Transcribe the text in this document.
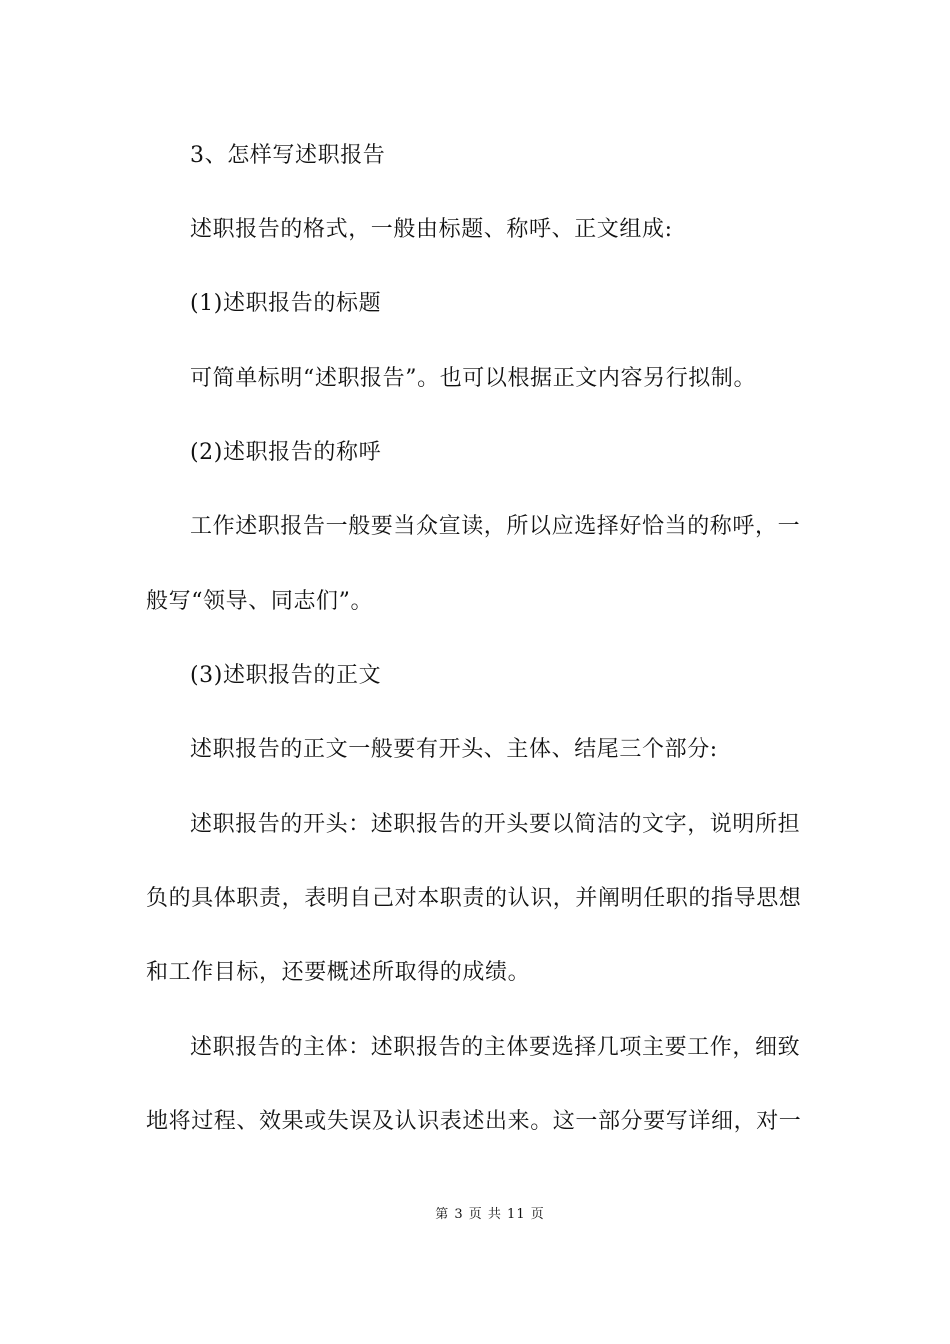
3、怎样写述职报告
述职报告的格式，一般由标题、称呼、正文组成:
(1)述职报告的标题
可简单标明“述职报告”。也可以根据正文内容另行拟制。
(2)述职报告的称呼
工作述职报告一般要当众宣读，所以应选择好恰当的称呼，一
般写“领导、同志们”。
(3)述职报告的正文
述职报告的正文一般要有开头、主体、结尾三个部分:
述职报告的开头：述职报告的开头要以简洁的文字，说明所担
负的具体职责，表明自己对本职责的认识，并阐明任职的指导思想
和工作目标，还要概述所取得的成绩。
述职报告的主体：述职报告的主体要选择几项主要工作，细致
地将过程、效果或失误及认识表述出来。这一部分要写详细，对一
第 3 页 共 11 页
